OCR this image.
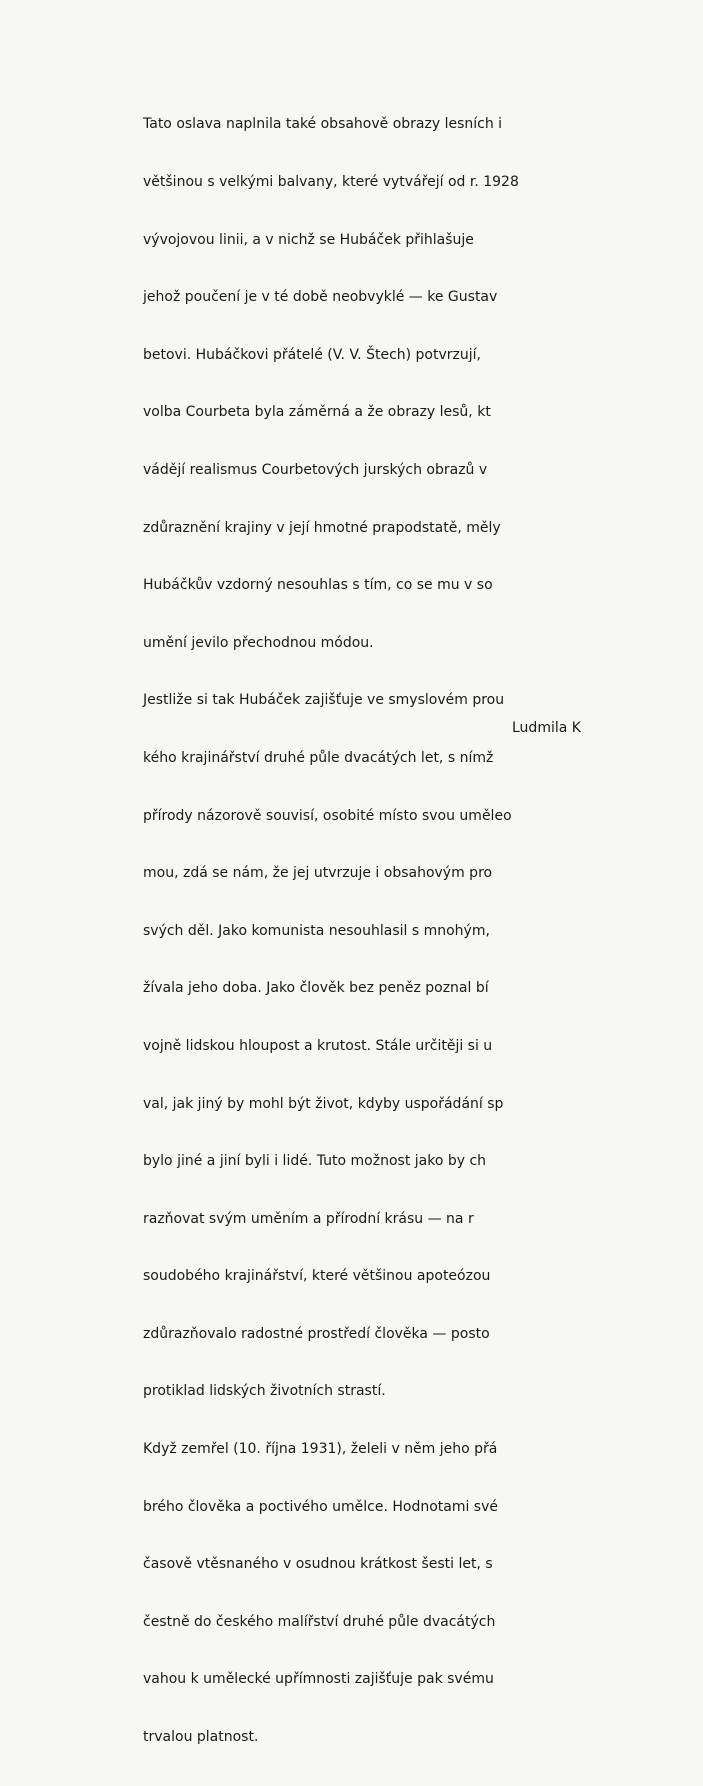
Tato oslava naplnila také obsahově obrazy lesních i

většinou s velkými balvany, které vytvářejí od r. 1928

vývojovou linii, a v nichž se Hubáček přihlašuje

jehož poučení je v té době neobvyklé — ke Gustav

betovi. Hubáčkovi přátelé (V. V. Štech) potvrzují,

volba Courbeta byla záměrná a že obrazy lesů, kt

vádějí realismus Courbetových jurských obrazů v

zdůraznění krajiny v její hmotné prapodstatě, měly

Hubáčkův vzdorný nesouhlas s tím, co se mu v so

umění jevilo přechodnou módou.

Jestliže si tak Hubáček zajišťuje ve smyslovém prou

kého krajinářství druhé půle dvacátých let, s nímž

přírody názorově souvisí, osobité místo svou uměleo

mou, zdá se nám, že jej utvrzuje i obsahovým pro

svých děl. Jako komunista nesouhlasil s mnohým,

žívala jeho doba. Jako člověk bez peněz poznal bí

vojně lidskou hloupost a krutost. Stále určitěji si u

val, jak jiný by mohl být život, kdyby uspořádání sp

bylo jiné a jiní byli i lidé. Tuto možnost jako by ch

razňovat svým uměním a přírodní krásu — na r

soudobého krajinářství, které většinou apoteózou

zdůrazňovalo radostné prostředí člověka — posto

protiklad lidských životních strastí.

Když zemřel (10. října 1931), želeli v něm jeho přá

brého člověka a poctivého umělce. Hodnotami své

časově vtěsnaného v osudnou krátkost šesti let, s

čestně do českého malířství druhé půle dvacátých

vahou k umělecké upřímnosti zajišťuje pak svému

trvalou platnost.

Ludmila K
